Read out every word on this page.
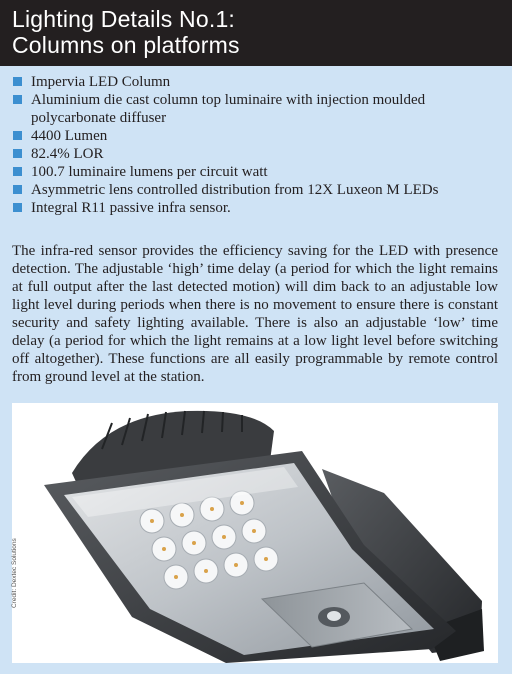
Lighting Details No.1:
Columns on platforms
Impervia LED Column
Aluminium die cast column top luminaire with injection moulded polycarbonate diffuser
4400 Lumen
82.4% LOR
100.7 luminaire lumens per circuit watt
Asymmetric lens controlled distribution from 12X Luxeon M LEDs
Integral R11 passive infra sensor.

The infra-red sensor provides the efficiency saving for the LED with presence detection. The adjustable ‘high’ time delay (a period for which the light remains at full output after the last detected motion) will dim back to an adjustable low light level during periods when there is no movement to ensure there is constant security and safety lighting available. There is also an adjustable ‘low’ time delay (a period for which the light remains at a low light level before switching off altogether). These functions are all easily programmable by remote control from ground level at the station.

Credit: Dextec Solutions
